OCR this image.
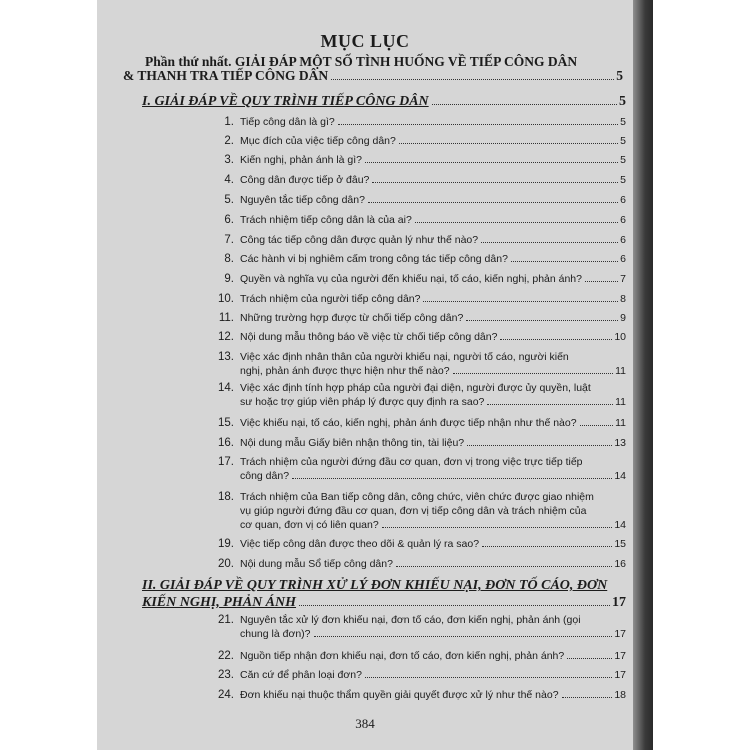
MỤC LỤC
Phần thứ nhất. GIẢI ĐÁP MỘT SỐ TÌNH HUỐNG VỀ TIẾP CÔNG DÂN
& THANH TRA TIẾP CÔNG DÂN	5
I. GIẢI ĐÁP VỀ QUY TRÌNH TIẾP CÔNG DÂN	5
1. Tiếp công dân là gì?	5
2. Mục đích của việc tiếp công dân?	5
3. Kiến nghị, phản ánh là gì?	5
4. Công dân được tiếp ở đâu?	5
5. Nguyên tắc tiếp công dân?	6
6. Trách nhiệm tiếp công dân là của ai?	6
7. Công tác tiếp công dân được quản lý như thế nào?	6
8. Các hành vi bị nghiêm cấm trong công tác tiếp công dân?	6
9. Quyền và nghĩa vụ của người đến khiếu nại, tố cáo, kiến nghị, phản ánh?	7
10. Trách nhiệm của người tiếp công dân?	8
11. Những trường hợp được từ chối tiếp công dân?	9
12. Nội dung mẫu thông báo về việc từ chối tiếp công dân?	10
13. Việc xác định nhân thân của người khiếu nại, người tố cáo, người kiến
nghị, phản ánh được thực hiện như thế nào?	11
14. Việc xác định tính hợp pháp của người đại diện, người được ủy quyền, luật
sư hoặc trợ giúp viên pháp lý được quy định ra sao?	11
15. Việc khiếu nại, tố cáo, kiến nghị, phản ánh được tiếp nhận như thế nào?	11
16. Nội dung mẫu Giấy biên nhận thông tin, tài liệu?	13
17. Trách nhiệm của người đứng đầu cơ quan, đơn vị trong việc trực tiếp tiếp
công dân?	14
18. Trách nhiệm của Ban tiếp công dân, công chức, viên chức được giao nhiệm
vụ giúp người đứng đầu cơ quan, đơn vị tiếp công dân và trách nhiệm của
cơ quan, đơn vị có liên quan?	14
19. Việc tiếp công dân được theo dõi & quản lý ra sao?	15
20. Nội dung mẫu Sổ tiếp công dân?	16
II. GIẢI ĐÁP VỀ QUY TRÌNH XỬ LÝ ĐƠN KHIẾU NẠI, ĐƠN TỐ CÁO, ĐƠN
KIẾN NGHỊ, PHẢN ÁNH	17
21. Nguyên tắc xử lý đơn khiếu nại, đơn tố cáo, đơn kiến nghị, phản ánh (gọi
chung là đơn)?	17
22. Nguồn tiếp nhận đơn khiếu nại, đơn tố cáo, đơn kiến nghị, phản ánh?	17
23. Căn cứ để phân loại đơn?	17
24. Đơn khiếu nại thuộc thẩm quyền giải quyết được xử lý như thế nào?	18
384
